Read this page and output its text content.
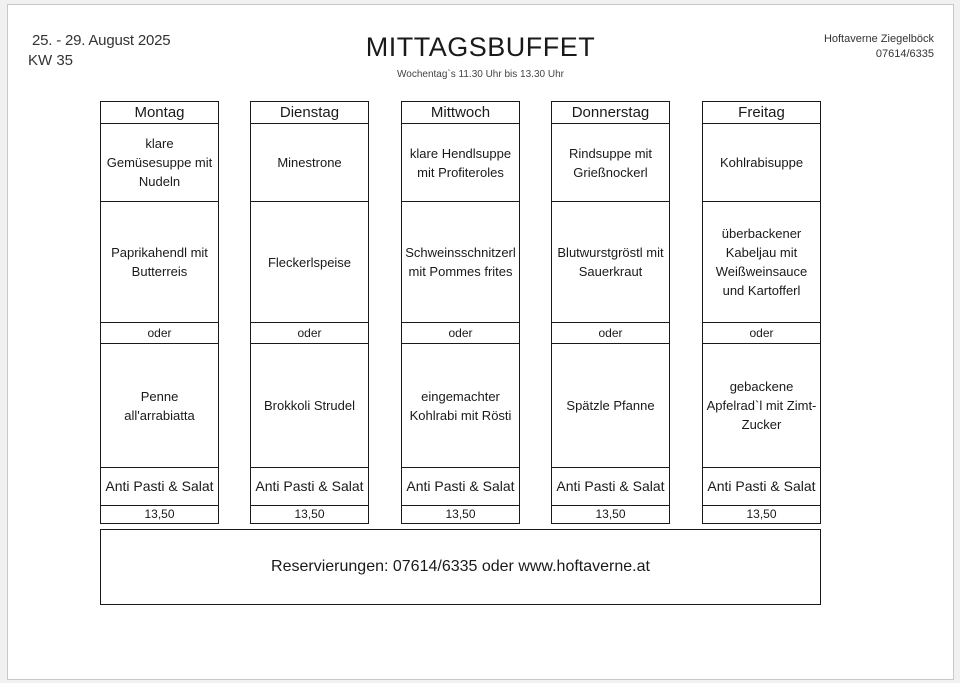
25. - 29. August 2025
KW 35	MITTAGSBUFFET
Wochentag`s 11.30 Uhr bis 13.30 Uhr
Hoftaverne Ziegelböck
07614/6335
Montag
klare Gemüsesuppe mit Nudeln
Paprikahendl mit Butterreis
oder
Penne all'arrabiatta
Anti Pasti & Salat
13,50
Dienstag
Minestrone
Fleckerlspeise
oder
Brokkoli Strudel
Anti Pasti & Salat
13,50
Mittwoch
klare Hendlsuppe mit Profiteroles
Schweinsschnitzerl mit Pommes frites
oder
eingemachter Kohlrabi mit Rösti
Anti Pasti & Salat
13,50
Donnerstag
Rindsuppe mit Grießnockerl
Blutwurstgröstl mit Sauerkraut
oder
Spätzle Pfanne
Anti Pasti & Salat
13,50
Freitag
Kohlrabisuppe
überbackener Kabeljau mit Weißweinsauce und Kartofferl
oder
gebackene Apfelrad`l mit Zimt-Zucker
Anti Pasti & Salat
13,50
Reservierungen: 07614/6335 oder www.hoftaverne.at
